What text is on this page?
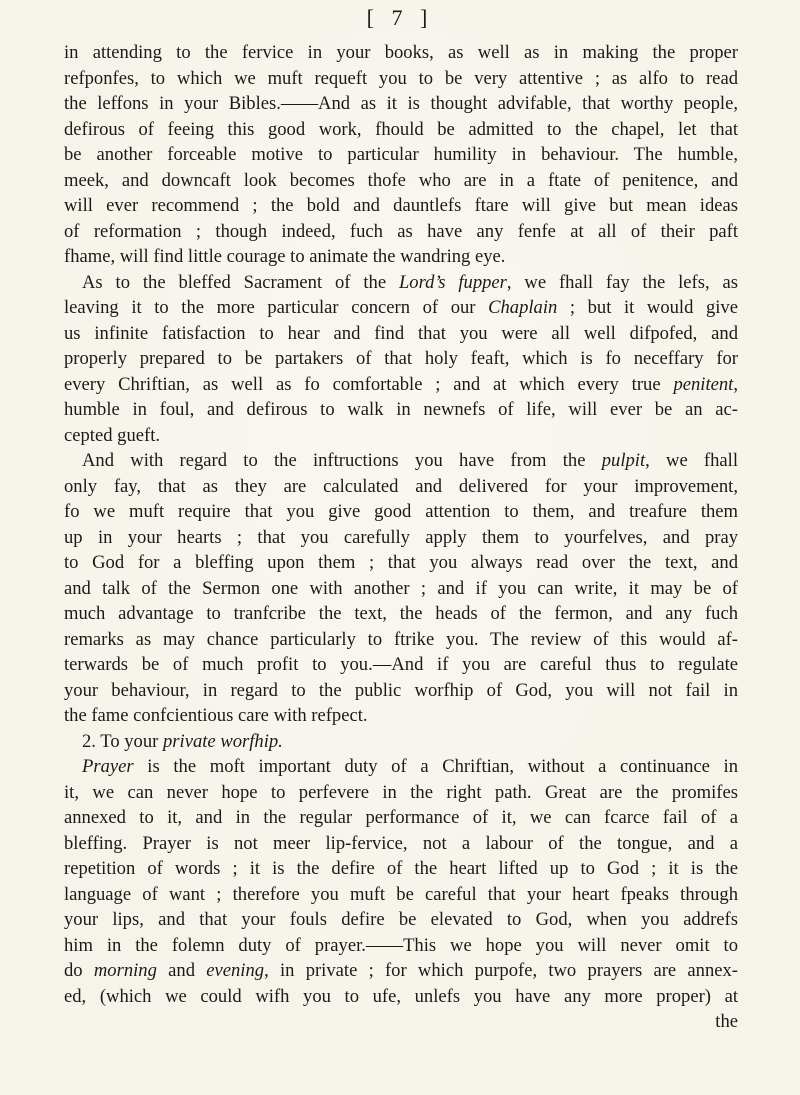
[ 7 ]
in attending to the fervice in your books, as well as in making the proper
refponfes, to which we muft requeft you to be very attentive ; as alfo to read
the leffons in your Bibles.——And as it is thought advifable, that worthy people,
defirous of feeing this good work, fhould be admitted to the chapel, let that
be another forceable motive to particular humility in behaviour. The humble,
meek, and downcaft look becomes thofe who are in a ftate of penitence, and
will ever recommend ; the bold and dauntlefs ftare will give but mean ideas
of reformation ; though indeed, fuch as have any fenfe at all of their paft
fhame, will find little courage to animate the wandring eye.
As to the bleffed Sacrament of the Lord’s fupper, we fhall fay the lefs, as
leaving it to the more particular concern of our Chaplain ; but it would give
us infinite fatisfaction to hear and find that you were all well difpofed, and
properly prepared to be partakers of that holy feaft, which is fo neceffary for
every Chriftian, as well as fo comfortable ; and at which every true penitent,
humble in foul, and defirous to walk in newnefs of life, will ever be an ac-
cepted gueft.
And with regard to the inftructions you have from the pulpit, we fhall
only fay, that as they are calculated and delivered for your improvement,
fo we muft require that you give good attention to them, and treafure them
up in your hearts ; that you carefully apply them to yourfelves, and pray
to God for a bleffing upon them ; that you always read over the text, and
and talk of the Sermon one with another ; and if you can write, it may be of
much advantage to tranfcribe the text, the heads of the fermon, and any fuch
remarks as may chance particularly to ftrike you. The review of this would af-
terwards be of much profit to you.—And if you are careful thus to regulate
your behaviour, in regard to the public worfhip of God, you will not fail in
the fame confcientious care with refpect.
2. To your private worfhip.
Prayer is the moft important duty of a Chriftian, without a continuance in
it, we can never hope to perfevere in the right path. Great are the promifes
annexed to it, and in the regular performance of it, we can fcarce fail of a
bleffing. Prayer is not meer lip-fervice, not a labour of the tongue, and a
repetition of words ; it is the defire of the heart lifted up to God ; it is the
language of want ; therefore you muft be careful that your heart fpeaks through
your lips, and that your fouls defire be elevated to God, when you addrefs
him in the folemn duty of prayer.——This we hope you will never omit to
do morning and evening, in private ; for which purpofe, two prayers are annex-
ed, (which we could wifh you to ufe, unlefs you have any more proper) at
the
